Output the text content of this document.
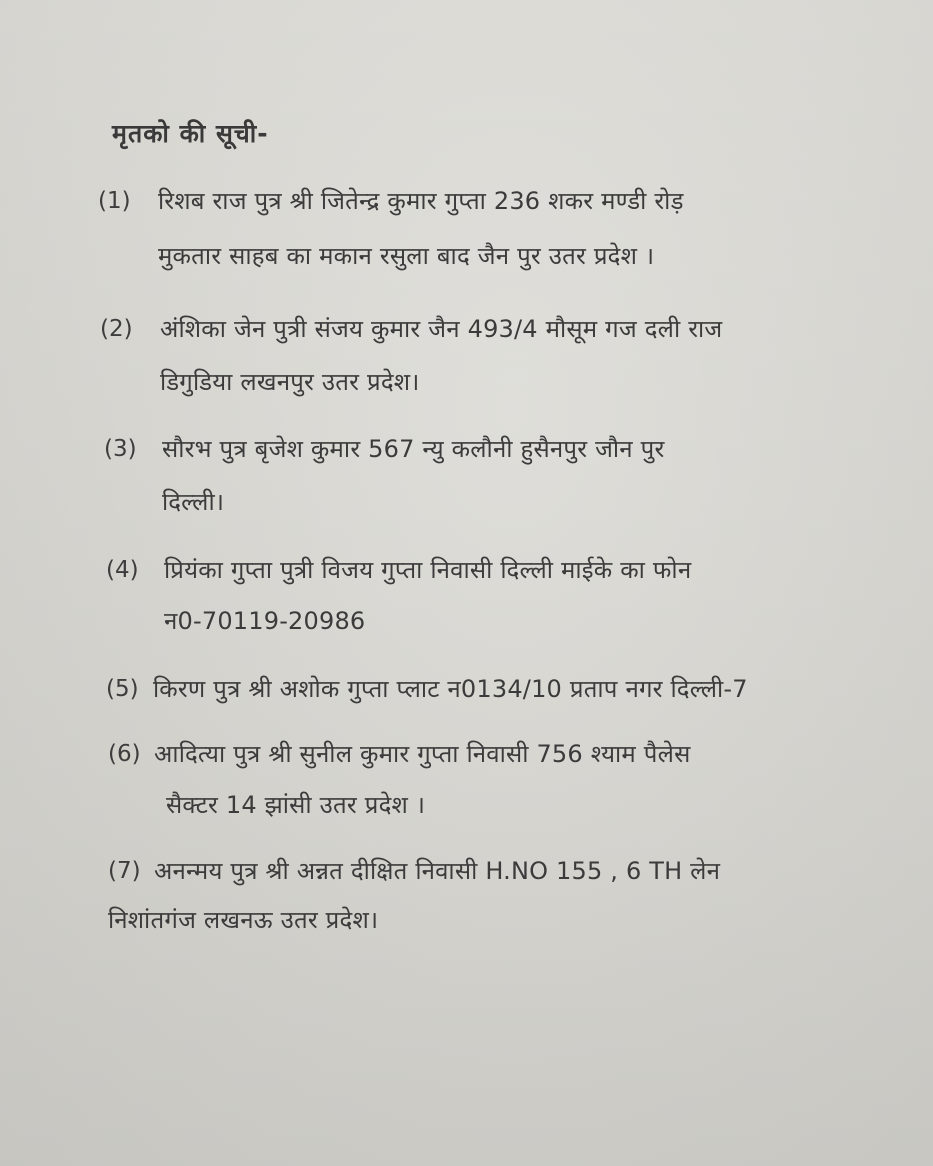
मृतको की सूची-
(1) रिशब राज पुत्र श्री जितेन्द्र कुमार गुप्ता 236 शकर मण्डी रोड़
मुकतार साहब का मकान रसुला बाद जैन पुर उतर प्रदेश ।
(2) अंशिका जेन पुत्री संजय कुमार जैन 493/4 मौसूम गज दली राज
डिगुडिया लखनपुर उतर प्रदेश।
(3) सौरभ पुत्र बृजेश कुमार 567 न्यु कलौनी हुसैनपुर जौन पुर
दिल्ली।
(4) प्रियंका गुप्ता पुत्री विजय गुप्ता निवासी दिल्ली माईके का फोन
न0-70119-20986
(5) किरण पुत्र श्री अशोक गुप्ता प्लाट न0134/10 प्रताप नगर दिल्ली-7
(6) आदित्या पुत्र श्री सुनील कुमार गुप्ता निवासी 756 श्याम पैलेस
सैक्टर 14 झांसी उतर प्रदेश ।
(7) अनन्मय पुत्र श्री अन्नत दीक्षित निवासी H.NO 155 , 6 TH लेन
निशांतगंज लखनऊ उतर प्रदेश।
